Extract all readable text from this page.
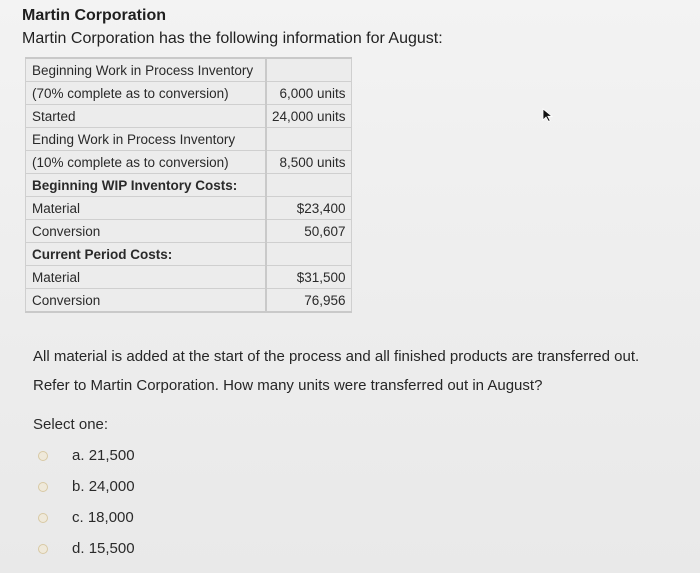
Martin Corporation
Martin Corporation has the following information for August:
Beginning Work in Process Inventory	
(70% complete as to conversion)	6,000 units
Started	24,000 units
Ending Work in Process Inventory	
(10% complete as to conversion)	8,500 units
Beginning WIP Inventory Costs:	
Material	$23,400
Conversion	50,607
Current Period Costs:	
Material	$31,500
Conversion	76,956
All material is added at the start of the process and all finished products are transferred out.
Refer to Martin Corporation. How many units were transferred out in August?
Select one:
a. 21,500
b. 24,000
c. 18,000
d. 15,500
